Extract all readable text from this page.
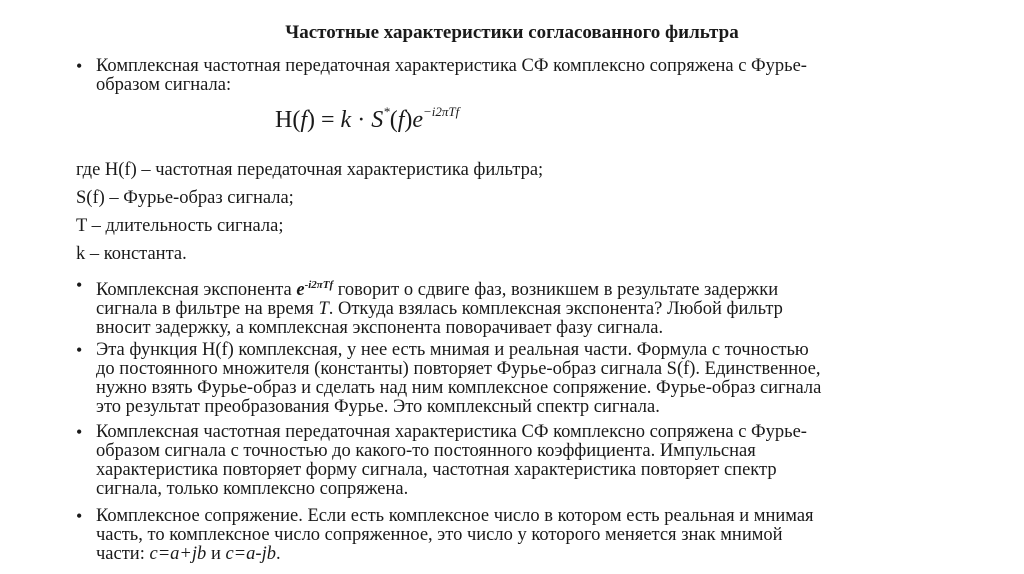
Частотные характеристики согласованного фильтра
• Комплексная частотная передаточная характеристика СФ комплексно сопряжена с Фурье-
образом сигнала:
$H(f) = k \cdot S^*(f)e^{-i2\pi Tf}$
где H(f) – частотная передаточная характеристика фильтра;
S(f) – Фурье-образ сигнала;
T – длительность сигнала;
k – константа.
• Комплексная экспонента $e^{-i2\pi Tf}$ говорит о сдвиге фаз, возникшем в результате задержки
сигнала в фильтре на время T. Откуда взялась комплексная экспонента? Любой фильтр
вносит задержку, а комплексная экспонента поворачивает фазу сигнала.
• Эта функция H(f) комплексная, у нее есть мнимая и реальная части. Формула с точностью
до постоянного множителя (константы) повторяет Фурье-образ сигнала S(f). Единственное,
нужно взять Фурье-образ и сделать над ним комплексное сопряжение. Фурье-образ сигнала
это результат преобразования Фурье. Это комплексный спектр сигнала.
• Комплексная частотная передаточная характеристика СФ комплексно сопряжена с Фурье-
образом сигнала с точностью до какого-то постоянного коэффициента. Импульсная
характеристика повторяет форму сигнала, частотная характеристика повторяет спектр
сигнала, только комплексно сопряжена.
• Комплексное сопряжение. Если есть комплексное число в котором есть реальная и мнимая
часть, то комплексное число сопряженное, это число у которого меняется знак мнимой
части: c=a+jb и c=a-jb.
